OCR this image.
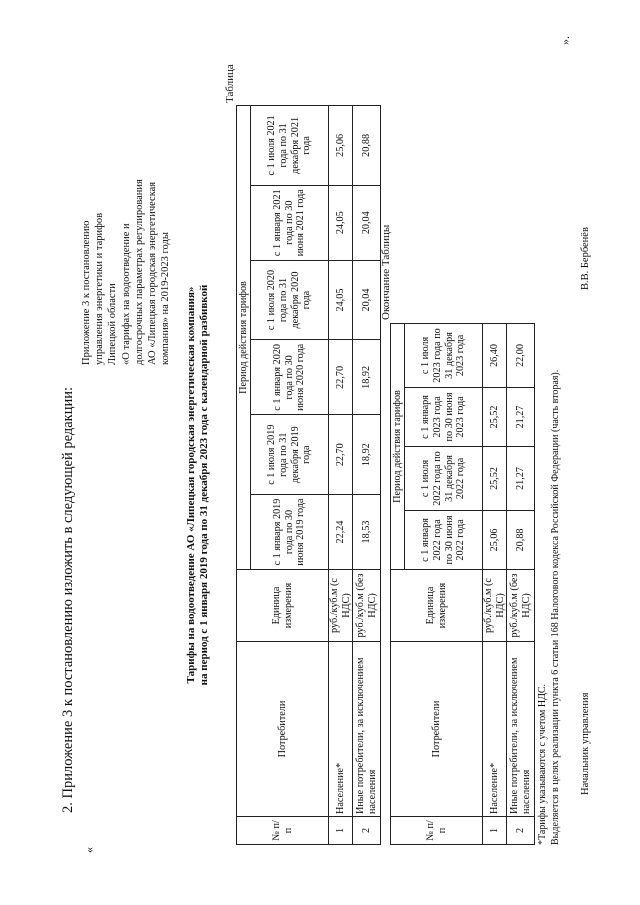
«
2. Приложение 3 к постановлению изложить в следующей редакции:
Приложение 3 к постановлению управления энергетики и тарифов Липецкой области «О тарифах на водоотведение и долгосрочных параметрах регулирования АО «Липецкая городская энергетическая компания» на 2019-2023 годы Тарифы на водоотведение АО «Липецкая городская энергетическая компания» на период с 1 января 2019 года по 31 декабря 2023 года с календарной разбивкой
Таблица
№ п/п	Потребители	Единица измерения	Период действия тарифов					
			с 1 января 2019 года по 30 июня 2019 года	с 1 июля 2019 года по 31 декабря 2019 года	с 1 января 2020 года по 30 июня 2020 года	с 1 июля 2020 года по 31 декабря 2020 года	с 1 января 2021 года по 30 июня 2021 года	с 1 июля 2021 года по 31 декабря 2021 года
1	Население*	руб./куб.м (с НДС)	22,24	22,70	22,70	24,05	24,05	25,06
2	Иные потребители, за исключением населения	руб./куб.м (без НДС)	18,53	18,92	18,92	20,04	20,04	20,88
Окончание Таблицы
№ п/п	Потребители	Единица измерения	Период действия тарифов			
			с 1 января 2022 года по 30 июня 2022 года	с 1 июля 2022 года по 31 декабря 2022 года	с 1 января 2023 года по 30 июня 2023 года	с 1 июля 2023 года по 31 декабря 2023 года
1	Население*	руб./куб.м (с НДС)	25,06	25,52	25,52	26,40
2	Иные потребители, за исключением населения	руб./куб.м (без НДС)	20,88	21,27	21,27	22,00
*Тарифы указываются с учетом НДС. Выделяется в целях реализации пункта 6 статьи 168 Налогового кодекса Российской Федерации (часть вторая).
».
Начальник управления
В.В. Бербенёв
